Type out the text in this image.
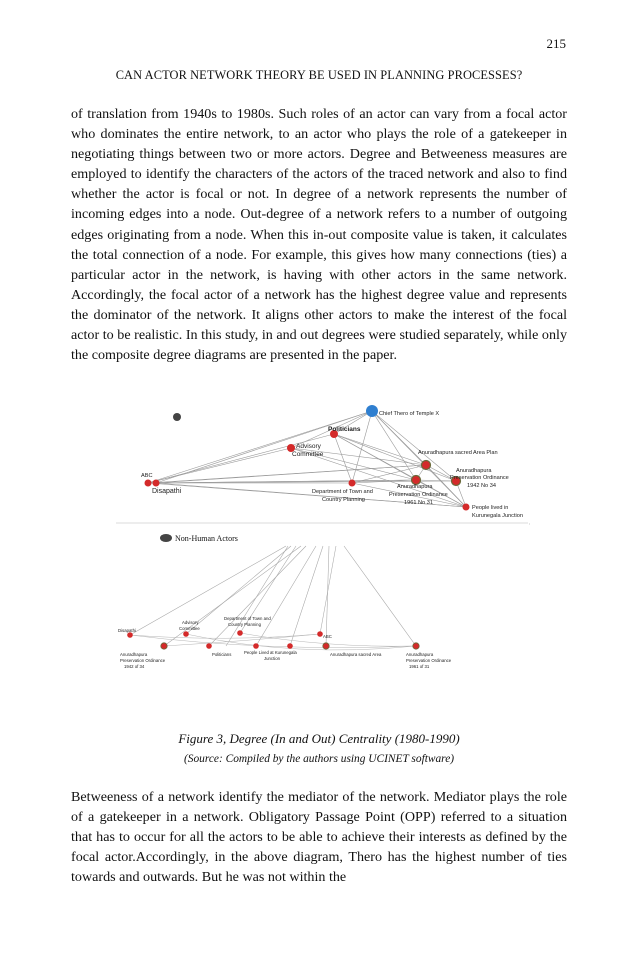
215
CAN ACTOR NETWORK THEORY BE USED IN PLANNING PROCESSES?

of translation from 1940s to 1980s. Such roles of an actor can vary from a focal actor who dominates the entire network, to an actor who plays the role of a gatekeeper in negotiating things between two or more actors. Degree and Betweeness measures are employed to identify the characters of the actors of the traced network and also to find whether the actor is focal or not. In degree of a network represents the number of incoming edges into a node. Out-degree of a network refers to a number of outgoing edges originating from a node. When this in-out composite value is taken, it calculates the total connection of a node. For example, this gives how many connections (ties) a particular actor in the network, is having with other actors in the same network. Accordingly, the focal actor of a network has the highest degree value and represents the dominator of the network. It aligns other actors to make the interest of the focal actor to be realistic. In this study, in and out degrees were studied separately, while only the composite degree diagrams are presented in the paper.

Chief Thero of Temple X
Politicians
Anuradhapura sacred Area Plan
Advisory
Committee
Anuradhapura
Preservation Ordinance
1942 No 34
ABC
Disapathi	Department of Town and
Country Planning
Anuradhapura
Preservation Ordinance
1961 No 31
People lived in
Kurunegala Junction
'
Non-Human Actors
Department of Town and
Country Planning
Disapathi
Advisory
Committee
ABC
Anuradhapura
Preservation Ordinance
1942 of 34
Politicians	People Lived at Kurunegala
Junction
Anuradhapura sacred Area	Anuradhapura
Preservation Ordinance
1961 of 31
Figure 3, Degree (In and Out) Centrality (1980-1990)
(Source: Compiled by the authors using UCINET software)

Betweeness of a network identify the mediator of the network. Mediator plays the role of a gatekeeper in a network. Obligatory Passage Point (OPP) referred to a situation that has to occur for all the actors to be able to achieve their interests as defined by the focal actor.Accordingly, in the above diagram, Thero has the highest number of ties towards and outwards. But he was not within the
